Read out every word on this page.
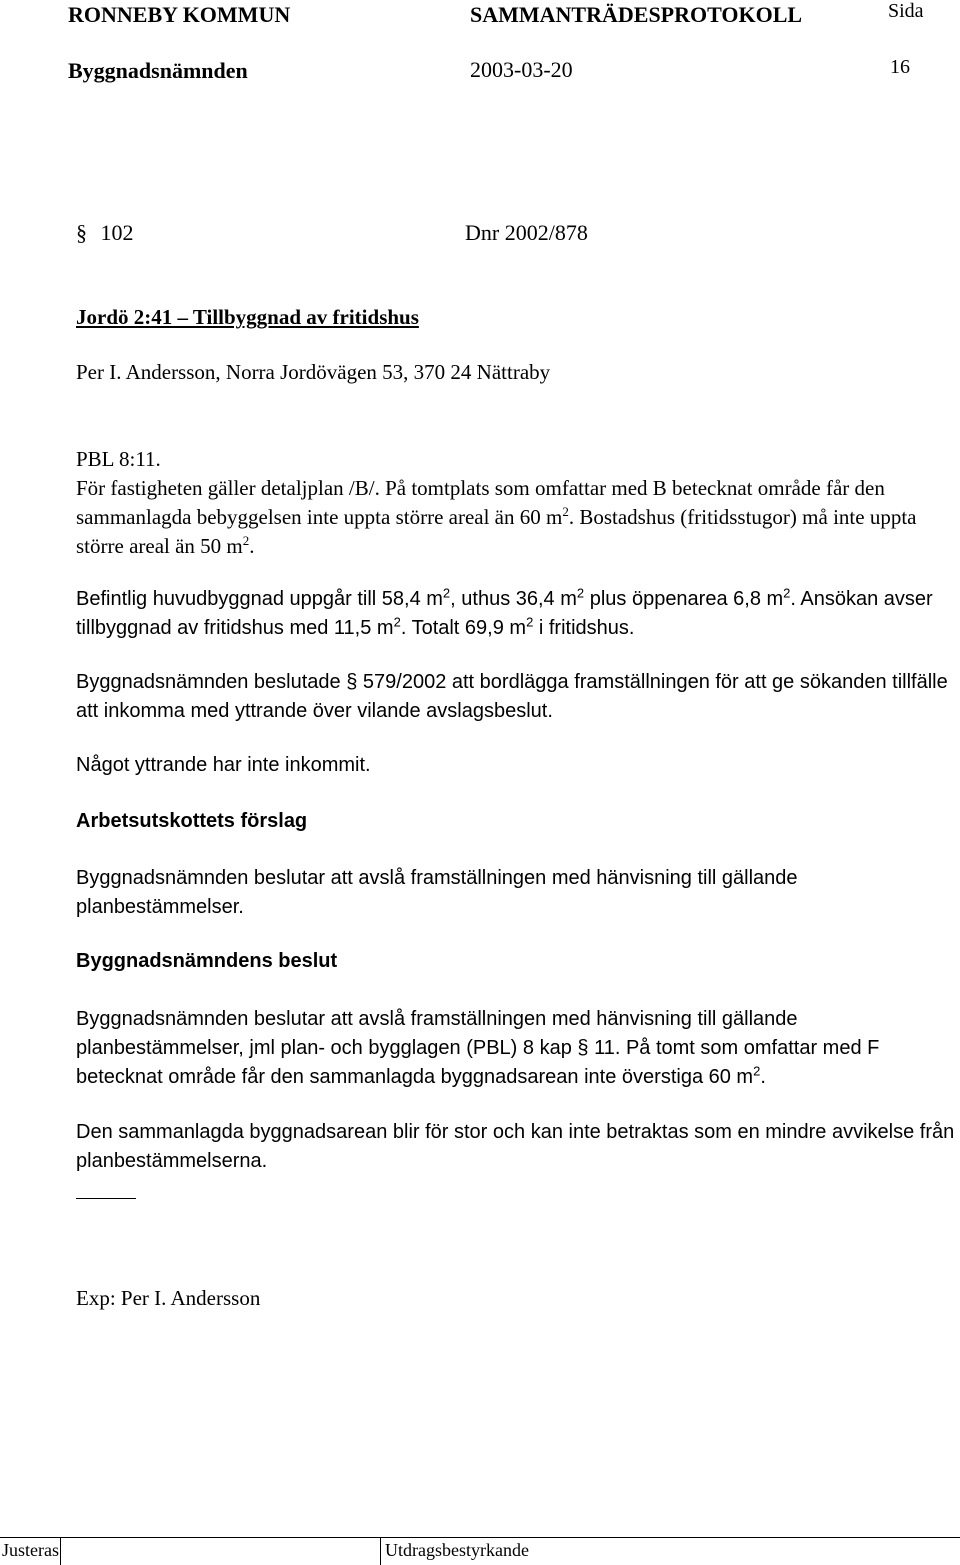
RONNEBY KOMMUN	SAMMANTRÄDESPROTOKOLL	Sida
Byggnadsnämnden	2003-03-20	16
§ 102	Dnr 2002/878
Jordö 2:41 – Tillbyggnad av fritidshus
Per I. Andersson, Norra Jordövägen 53, 370 24 Nättraby
PBL 8:11.
För fastigheten gäller detaljplan /B/. På tomtplats som omfattar med B betecknat område får den sammanlagda bebyggelsen inte uppta större areal än 60 $m^2$. Bostadshus (fritidsstugor) må inte uppta större areal än 50 $m^2$.
Befintlig huvudbyggnad uppgår till 58,4 $m^2$, uthus 36,4 $m^2$ plus öppenarea 6,8 $m^2$. Ansökan avser tillbyggnad av fritidshus med 11,5 $m^2$. Totalt 69,9 $m^2$ i fritidshus.
Byggnadsnämnden beslutade § 579/2002 att bordlägga framställningen för att ge sökanden tillfälle att inkomma med yttrande över vilande avslagsbeslut.
Något yttrande har inte inkommit.
Arbetsutskottets förslag
Byggnadsnämnden beslutar att avslå framställningen med hänvisning till gällande planbestämmelser.
Byggnadsnämndens beslut
Byggnadsnämnden beslutar att avslå framställningen med hänvisning till gällande planbestämmelser, jml plan- och bygglagen (PBL) 8 kap § 11. På tomt som omfattar med F betecknat område får den sammanlagda byggnadsarean inte överstiga 60 $m^2$.
Den sammanlagda byggnadsarean blir för stor och kan inte betraktas som en mindre avvikelse från planbestämmelserna.
Exp: Per I. Andersson
Justeras	Utdragsbestyrkande
